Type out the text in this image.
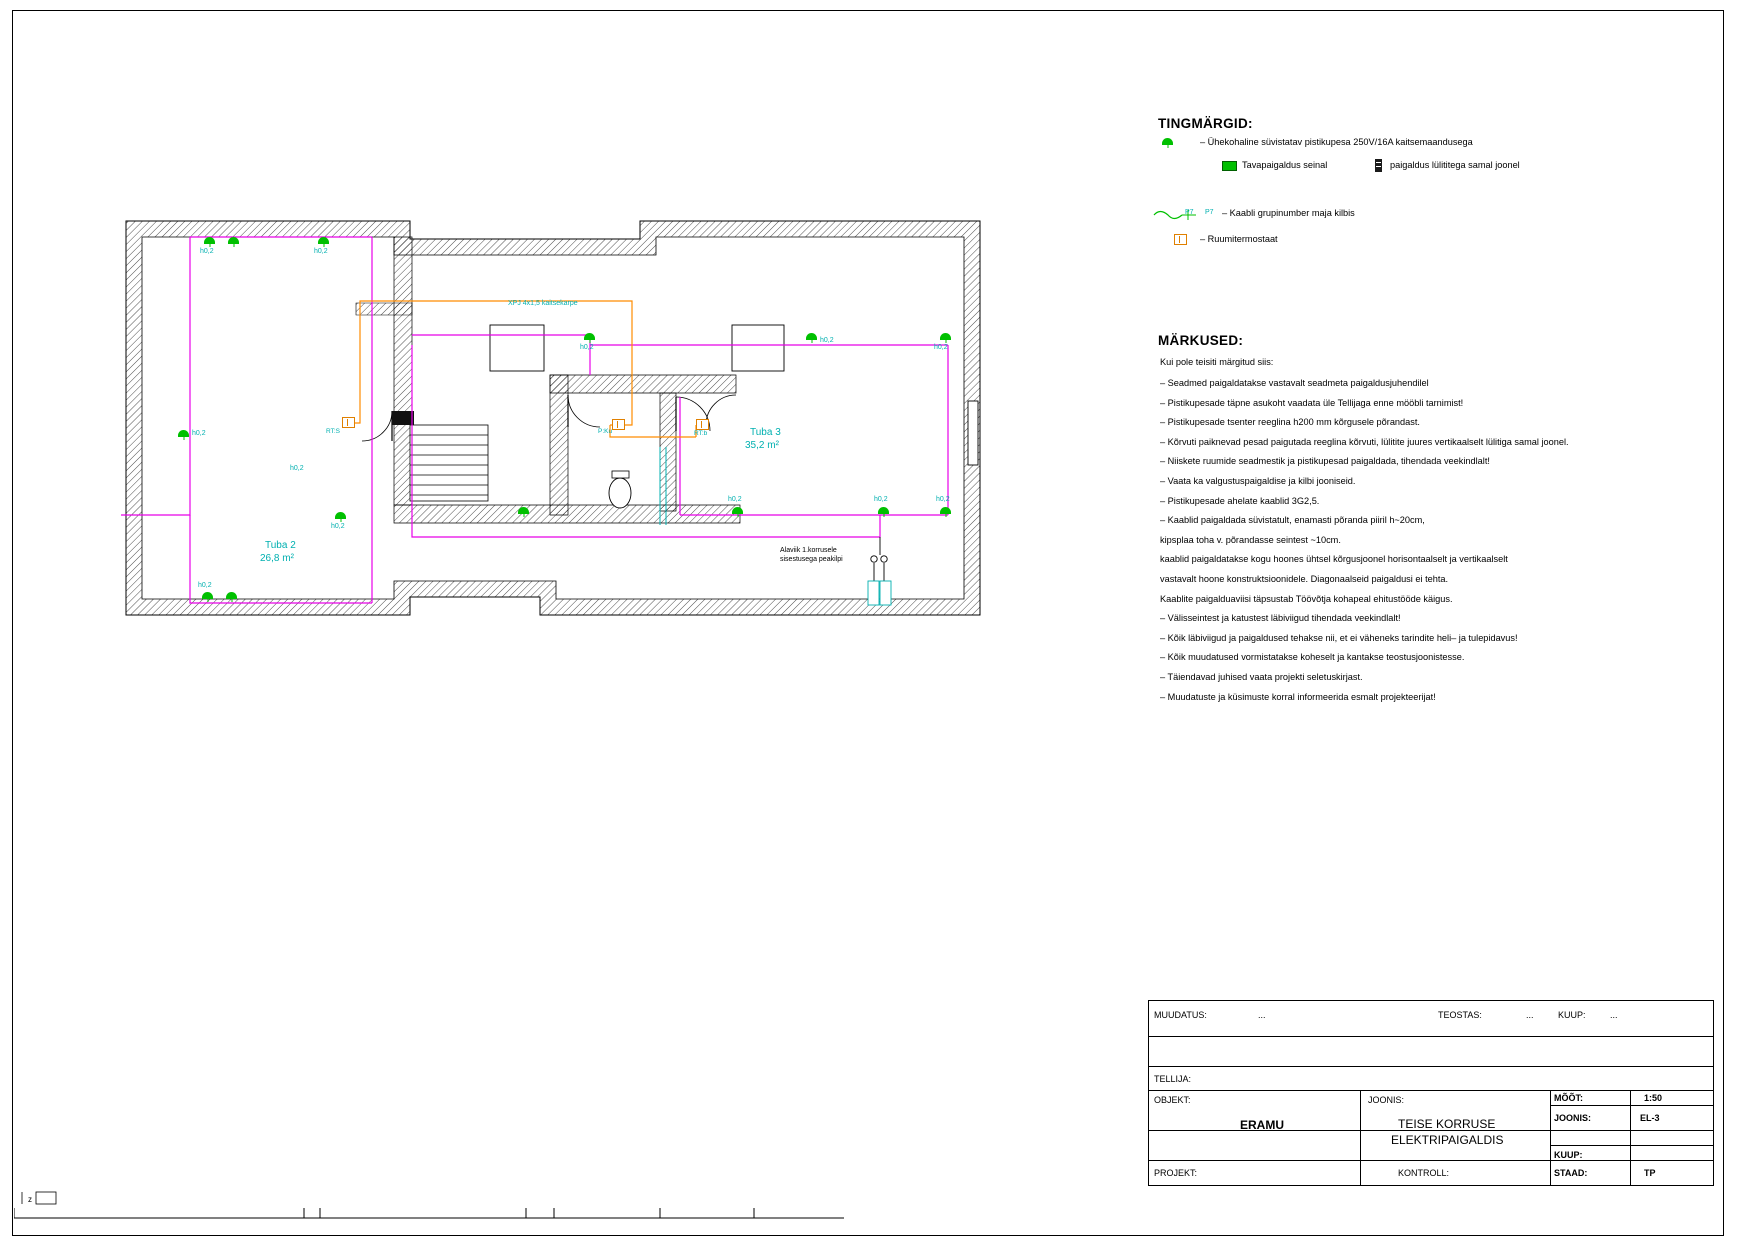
h0,2	h0,2
h0,2
h0,2
h0,2
h0,2
h0,2
h0,2
h0,2
h0,2	h0,2	h0,2
RT:S	RT:b
P:Ku
XPJ 4x1,5 kaitsekarpe
Alaviik 1.korrusele
sisestusega peakilpi
Tuba 2
26,8 m²
Tuba 3
35,2 m²
TINGMÄRGID:
– Ühekohaline süvistatav pistikupesa 250V/16A kaitsemaandusega
Tavapaigaldus seinal	paigaldus lülititega samal joonel
P7 P7 – Kaabli grupinumber maja kilbis
– Ruumitermostaat
MÄRKUSED:
Kui pole teisiti märgitud siis:
– Seadmed paigaldatakse vastavalt seadmeta paigaldusjuhendilel
– Pistikupesade täpne asukoht vaadata üle Tellijaga enne mööbli tarnimist!
– Pistikupesade tsenter reeglina h200 mm kõrgusele põrandast.
– Kõrvuti paiknevad pesad paigutada reeglina kõrvuti, lülitite juures vertikaalselt lülitiga samal joonel.
– Niiskete ruumide seadmestik ja pistikupesad paigaldada, tihendada veekindlalt!
– Vaata ka valgustuspaigaldise ja kilbi jooniseid.
– Pistikupesade ahelate kaablid 3G2,5.
– Kaablid paigaldada süvistatult, enamasti põranda piiril h~20cm,
kipsplaa toha v. põrandasse seintest ~10cm.
kaablid paigaldatakse kogu hoones ühtsel kõrgusjoonel horisontaalselt ja vertikaalselt
vastavalt hoone konstruktsioonidele. Diagonaalseid paigaldusi ei tehta.
Kaablite paigalduaviisi täpsustab Töövõtja kohapeal ehitustööde käigus.
– Välisseintest ja katustest läbiviigud tihendada veekindlalt!
– Kõik läbiviigud ja paigaldused tehakse nii, et ei väheneks tarindite heli– ja tulepidavus!
– Kõik muudatused vormistatakse koheselt ja kantakse teostusjoonistesse.
– Täiendavad juhised vaata projekti seletuskirjast.
– Muudatuste ja küsimuste korral informeerida esmalt projekteerijat!
MUUDATUS:	...	TEOSTAS:	...	KUUP:	...
TELLIJA:
OBJEKT:
ERAMU
JOONIS:
TEISE KORRUSE
ELEKTRIPAIGALDIS
MÕÕT:	1:50
JOONIS:	EL-3
KUUP:
PROJEKT:	KONTROLL:	STAAD:	TP
z
